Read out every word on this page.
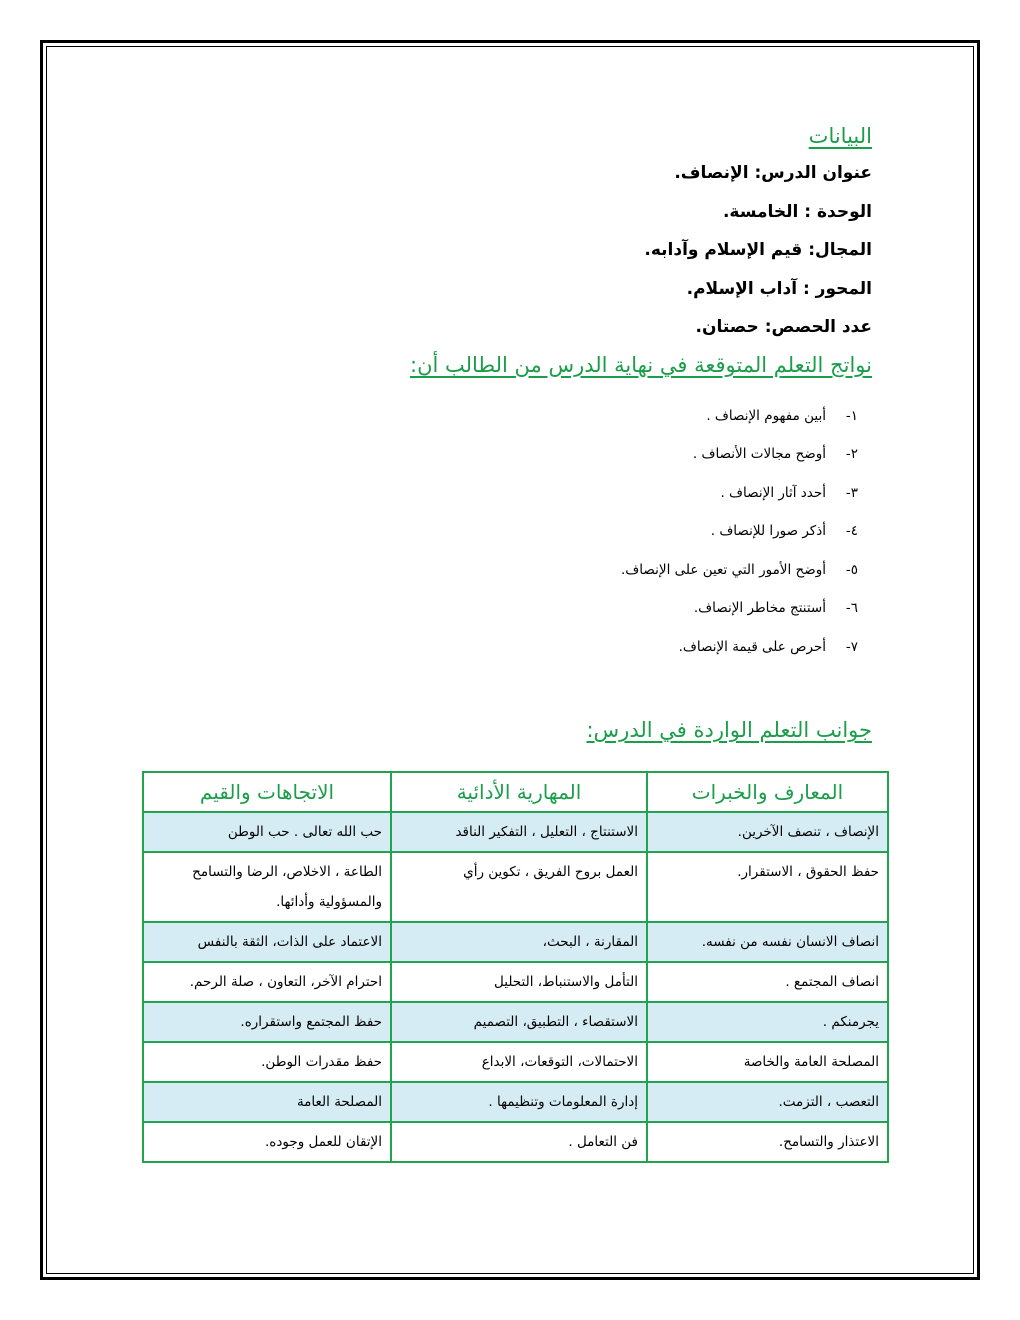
البيانات

عنوان الدرس: الإنصاف.

الوحدة : الخامسة.

المجال: قيم الإسلام وآدابه.

المحور : آداب الإسلام.

عدد الحصص: حصتان.

نواتج التعلم المتوقعة في نهاية الدرس من الطالب أن:

١-
أبين مفهوم الإنصاف .
٢-
أوضح مجالات الأنصاف .
٣-
أحدد آثار الإنصاف .
٤-
أذكر صورا للإنصاف .
٥-
أوضح الأمور التي تعين على الإنصاف.
٦-
أستنتج مخاطر الإنصاف.
٧-
أحرص على قيمة الإنصاف.

جوانب التعلم الواردة في الدرس:

المعارف والخبرات	المهارية الأدائية	الاتجاهات والقيم
الإنصاف ، تنصف الآخرين.	الاستنتاج ، التعليل ، التفكير الناقد	حب الله تعالى . حب الوطن
حفظ الحقوق ، الاستقرار.	العمل بروح الفريق ، تكوين رأي	الطاعة ، الاخلاص، الرضا والتسامح والمسؤولية وأدائها.
انصاف الانسان نفسه من نفسه.	المقارنة ، البحث،	الاعتماد على الذات، الثقة بالنفس
انصاف المجتمع .	التأمل والاستنباط، التحليل	احترام الآخر، التعاون ، صلة الرحم.
يجرمنكم .	الاستقصاء ، التطبيق، التصميم	حفظ المجتمع واستقراره.
المصلحة العامة والخاصة	الاحتمالات، التوقعات، الابداع	حفظ مقدرات الوطن.
التعصب ، التزمت.	إدارة المعلومات وتنظيمها .	المصلحة العامة
الاعتذار والتسامح.	فن التعامل .	الإتقان للعمل وجوده.
